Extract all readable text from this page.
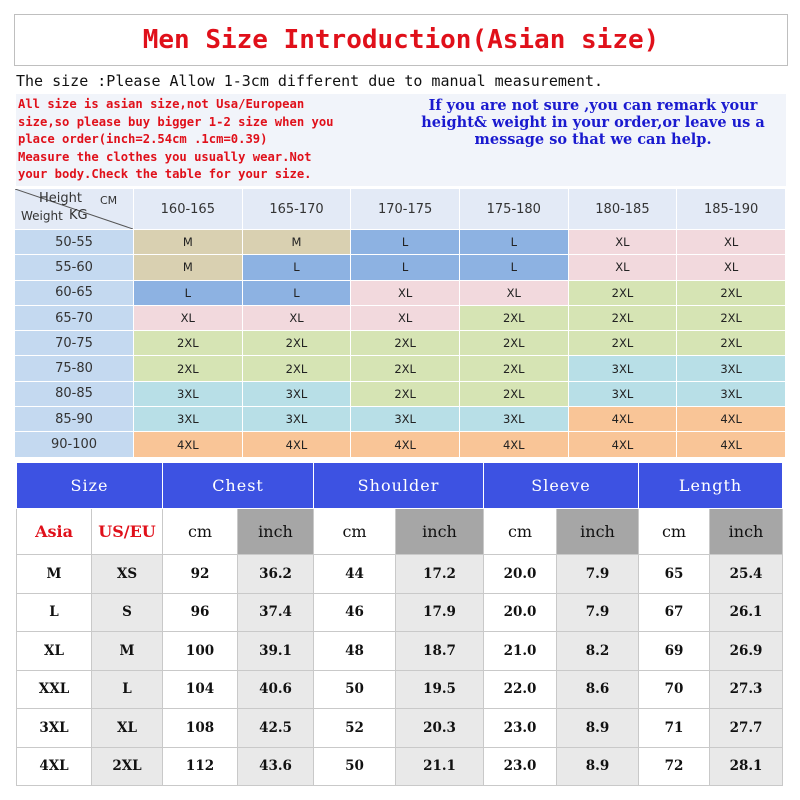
Men Size Introduction(Asian size)
The size :Please Allow 1-3cm different due to manual measurement.
All size is asian size,not Usa/European
size,so please buy bigger 1-2 size when you
place order(inch=2.54cm .1cm=0.39)
Measure the clothes you usually wear.Not
your body.Check the table for your size.
If you are not sure ,you can remark your
height& weight in your order,or leave us a
message so that we can help.
Height CM
Weight KG	160-165	165-170	170-175	175-180	180-185	185-190
50-55	M	M	L	L	XL	XL
55-60	M	L	L	L	XL	XL
60-65	L	L	XL	XL	2XL	2XL
65-70	XL	XL	XL	2XL	2XL	2XL
70-75	2XL	2XL	2XL	2XL	2XL	2XL
75-80	2XL	2XL	2XL	2XL	3XL	3XL
80-85	3XL	3XL	2XL	2XL	3XL	3XL
85-90	3XL	3XL	3XL	3XL	4XL	4XL
90-100	4XL	4XL	4XL	4XL	4XL	4XL
Size		Chest		Shoulder		Sleeve		Length	
Asia	US/EU	cm	inch	cm	inch	cm	inch	cm	inch
M	XS	92	36.2	44	17.2	20.0	7.9	65	25.4
L	S	96	37.4	46	17.9	20.0	7.9	67	26.1
XL	M	100	39.1	48	18.7	21.0	8.2	69	26.9
XXL	L	104	40.6	50	19.5	22.0	8.6	70	27.3
3XL	XL	108	42.5	52	20.3	23.0	8.9	71	27.7
4XL	2XL	112	43.6	50	21.1	23.0	8.9	72	28.1
